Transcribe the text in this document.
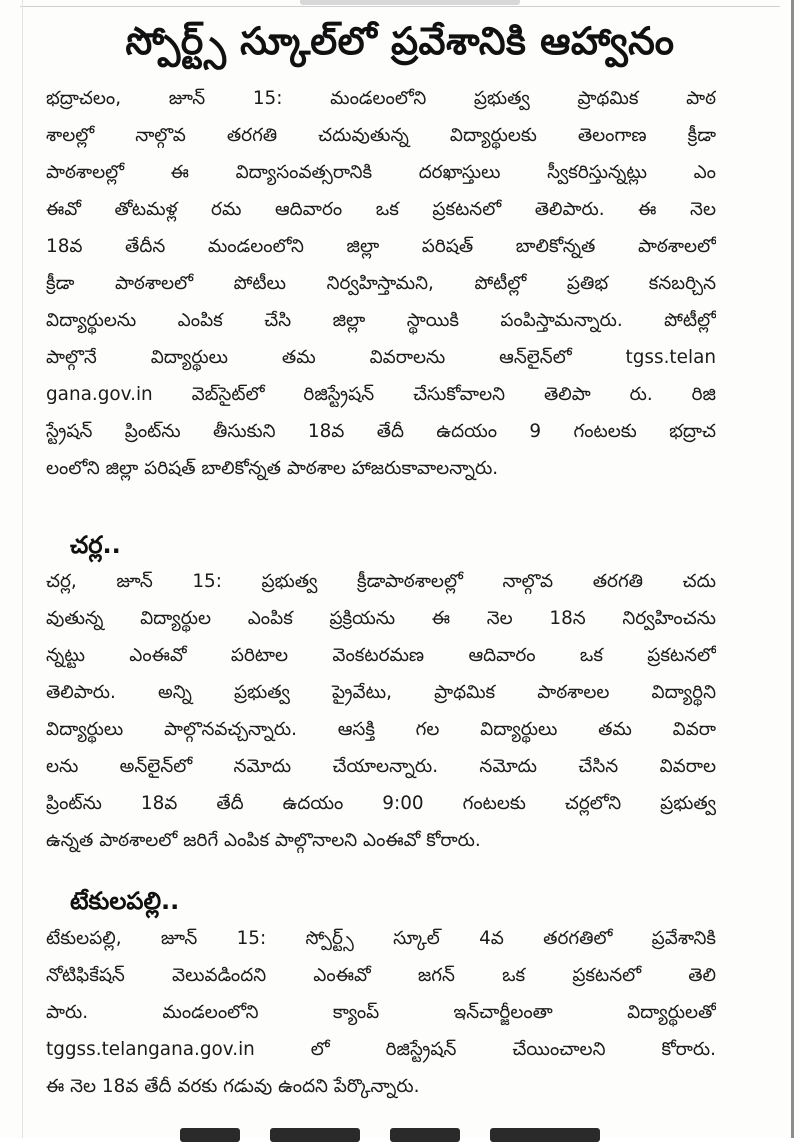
స్పోర్ట్స్ స్కూల్‌లో ప్రవేశానికి ఆహ్వానం
భద్రాచలం, జూన్ 15: మండలంలోని ప్రభుత్వ ప్రాథమిక పాఠ
శాలల్లో నాల్గొవ తరగతి చదువుతున్న విద్యార్థులకు తెలంగాణ క్రీడా
పాఠశాలల్లో ఈ విద్యాసంవత్సరానికి దరఖాస్తులు స్వీకరిస్తున్నట్లు ఎం
ఈవో తోటమళ్ల రమ ఆదివారం ఒక ప్రకటనలో తెలిపారు. ఈ నెల
18వ తేదీన మండలంలోని జిల్లా పరిషత్ బాలికోన్నత పాఠశాలలో
క్రీడా పాఠశాలలో పోటీలు నిర్వహిస్తామని, పోటీల్లో ప్రతిభ కనబర్చిన
విద్యార్థులను ఎంపిక చేసి జిల్లా స్థాయికి పంపిస్తామన్నారు. పోటీల్లో
పాల్గొనే విద్యార్థులు తమ వివరాలను ఆన్‌లైన్‌లో tgss.telan
gana.gov.in వెబ్‌సైట్‌లో రిజిస్ట్రేషన్ చేసుకోవాలని తెలిపా రు. రిజి
స్ట్రేషన్ ప్రింట్‌ను తీసుకుని 18వ తేదీ ఉదయం 9 గంటలకు భద్రాచ
లంలోని జిల్లా పరిషత్ బాలికోన్నత పాఠశాల హాజరుకావాలన్నారు.
చర్ల..
చర్ల, జూన్ 15: ప్రభుత్వ క్రీడాపాఠశాలల్లో నాల్గొవ తరగతి చదు
వుతున్న విద్యార్థుల ఎంపిక ప్రక్రియను ఈ నెల 18న నిర్వహించను
న్నట్టు ఎంఈవో పరిటాల వెంకటరమణ ఆదివారం ఒక ప్రకటనలో
తెలిపారు. అన్ని ప్రభుత్వ ప్రైవేటు, ప్రాథమిక పాఠశాలల విద్యార్థిని
విద్యార్థులు పాల్గొనవచ్చన్నారు. ఆసక్తి గల విద్యార్థులు తమ వివరా
లను అన్‌లైన్‌లో నమోదు చేయాలన్నారు. నమోదు చేసిన వివరాల
ప్రింట్‌ను 18వ తేదీ ఉదయం 9:00 గంటలకు చర్లలోని ప్రభుత్వ
ఉన్నత పాఠశాలలో జరిగే ఎంపిక పాల్గొనాలని ఎంఈవో కోరారు.
టేకులపల్లి..
టేకులపల్లి, జూన్ 15: స్పోర్ట్స్ స్కూల్ 4వ తరగతిలో ప్రవేశానికి
నోటిఫికేషన్ వెలువడిందని ఎంఈవో జగన్ ఒక ప్రకటనలో తెలి
పారు. మండలంలోని క్యాంప్ ఇన్‌చార్జీలంతా విద్యార్థులతో
tggss.telangana.gov.in లో రిజిస్ట్రేషన్ చేయించాలని కోరారు.
ఈ నెల 18వ తేదీ వరకు గడువు ఉందని పేర్కొన్నారు.
